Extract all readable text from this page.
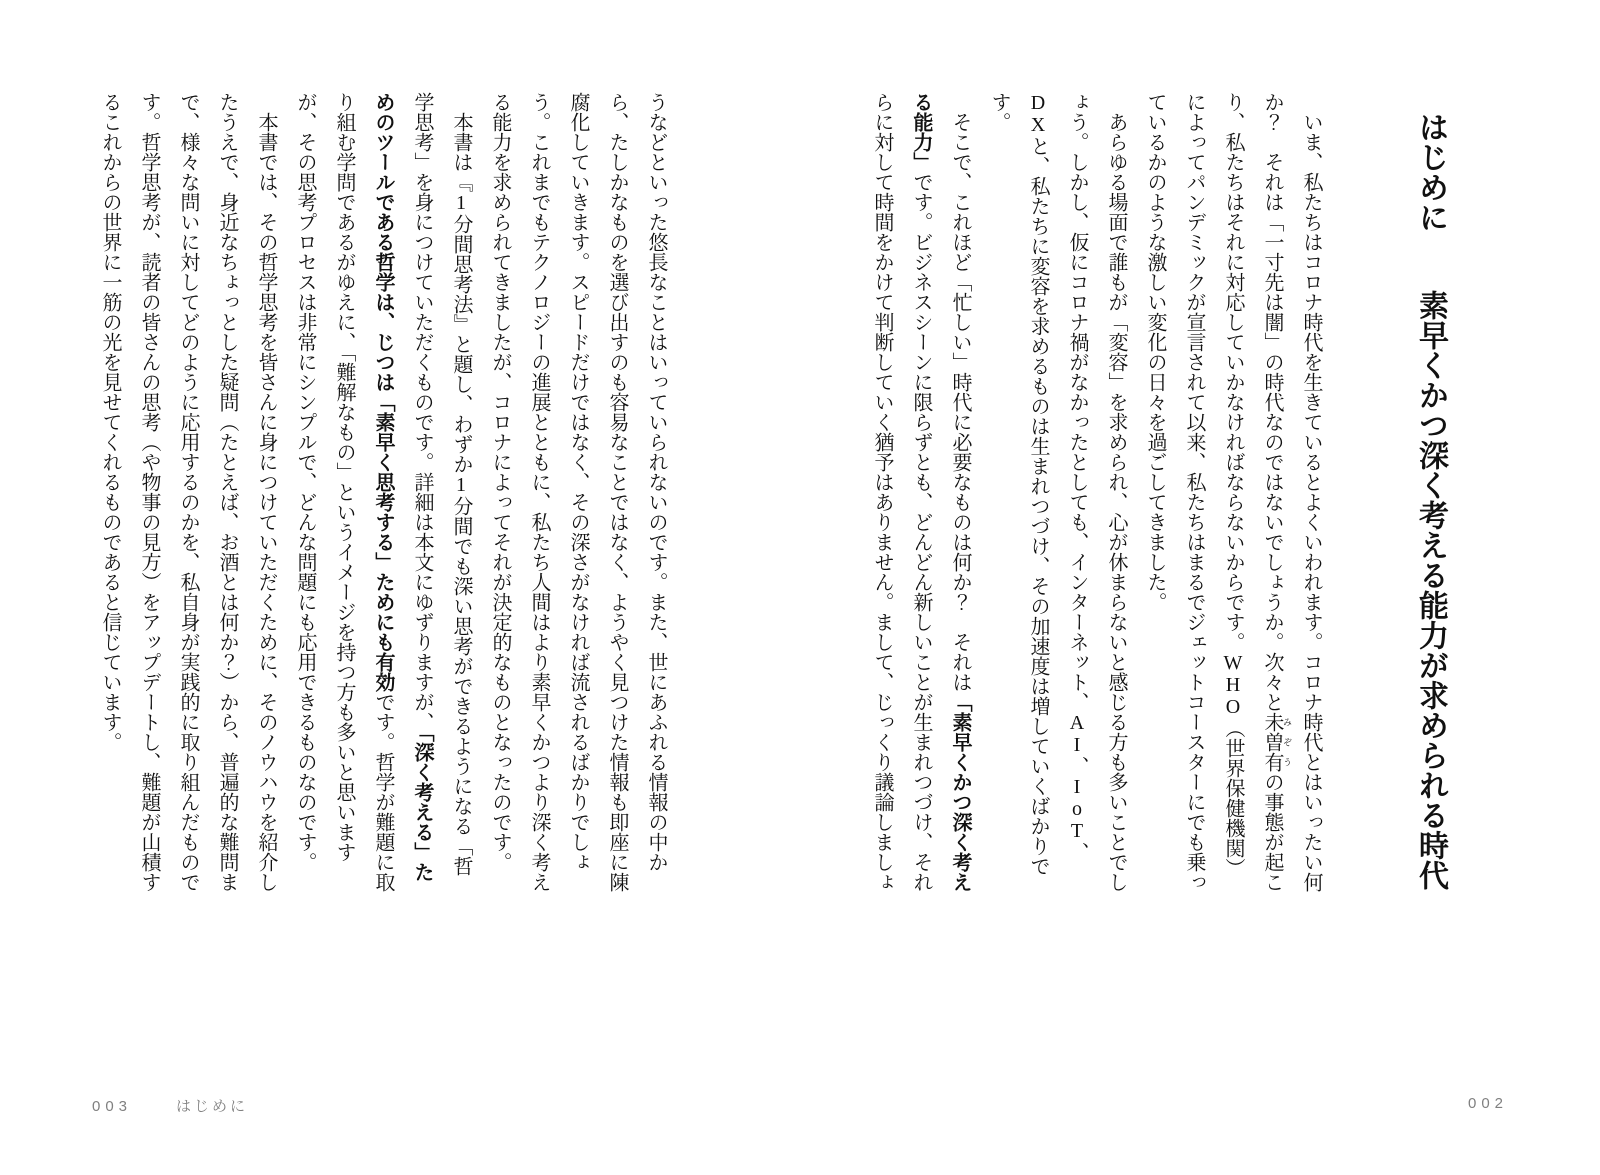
はじめに素早くかつ深く考える能力が求められる時代

いま、私たちはコロナ時代を生きているとよくいわれます。コロナ時代とはいったい何か？　それは「一寸先は闇」の時代なのではないでしょうか。次々と未曽有 みぞうの事態が起こり、私たちはそれに対応していかなければならないからです。WHO（世界保健機関）によってパンデミックが宣言されて以来、私たちはまるでジェットコースターにでも乗っているかのような激しい変化の日々を過ごしてきました。

あらゆる場面で誰もが「変容」を求められ、心が休まらないと感じる方も多いことでしょう。しかし、仮にコロナ禍がなかったとしても、インターネット、AI、IoT、DXと、私たちに変容を求めるものは生まれつづけ、その加速度は増していくばかりです。

そこで、これほど「忙しい」時代に必要なものは何か？　それは「素早くかつ深く考える能力」です。ビジネスシーンに限らずとも、どんどん新しいことが生まれつづけ、それらに対して時間をかけて判断していく猶予はありません。まして、じっくり議論しましょ

002

うなどといった悠長なことはいっていられないのです。また、世にあふれる情報の中から、たしかなものを選び出すのも容易なことではなく、ようやく見つけた情報も即座に陳腐化していきます。スピードだけではなく、その深さがなければ流されるばかりでしょう。これまでもテクノロジーの進展とともに、私たち人間はより素早くかつより深く考える能力を求められてきましたが、コロナによってそれが決定的なものとなったのです。

本書は『1分間思考法』と題し、わずか1分間でも深い思考ができるようになる「哲学思考」を身につけていただくものです。詳細は本文にゆずりますが、「深く考える」ためのツールである哲学は、じつは「素早く思考する」ためにも有効です。哲学が難題に取り組む学問であるがゆえに、「難解なもの」というイメージを持つ方も多いと思いますが、その思考プロセスは非常にシンプルで、どんな問題にも応用できるものなのです。

本書では、その哲学思考を皆さんに身につけていただくために、そのノウハウを紹介したうえで、身近なちょっとした疑問（たとえば、お酒とは何か？）から、普遍的な難問まで、様々な問いに対してどのように応用するのかを、私自身が実践的に取り組んだものです。哲学思考が、読者の皆さんの思考（や物事の見方）をアップデートし、難題が山積するこれからの世界に一筋の光を見せてくれるものであると信じています。

003	はじめに
